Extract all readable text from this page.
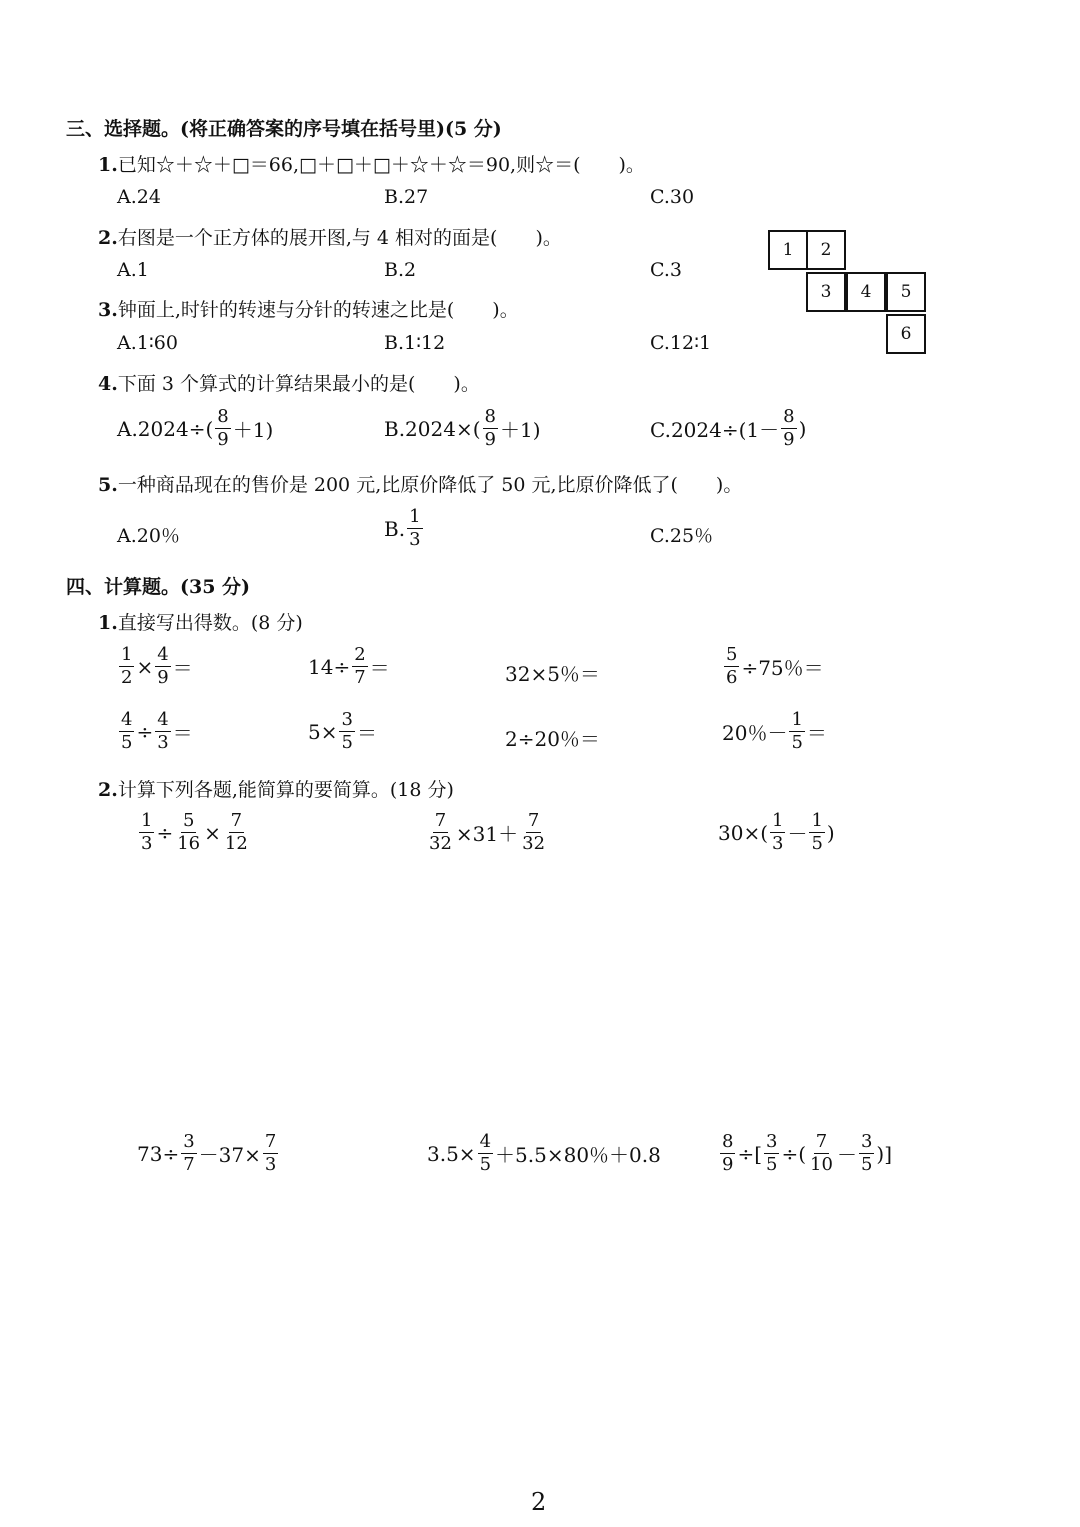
三、选择题。(将正确答案的序号填在括号里)(5 分)
1.已知☆＋☆＋□＝66,□＋□＋□＋☆＋☆＝90,则☆＝(　　)。
A.24	B.27	C.30
2.右图是一个正方体的展开图,与 4 相对的面是(　　)。
A.1	B.2	C.3
1	2
3	4	5
6
3.钟面上,时针的转速与分针的转速之比是(　　)。
A.1∶60	B.1∶12	C.12∶1
4.下面 3 个算式的计算结果最小的是(　　)。
$A.2024\div( \frac{8}{9} +1)$	$B.2024\times( \frac{8}{9} +1)$	$C.2024\div(1- \frac{8}{9}$ )
5.一种商品现在的售价是 200 元,比原价降低了 50 元,比原价降低了(　　)。
A.20％	B. $\frac{1}{3}$	C.25％
四、计算题。(35 分)
1.直接写出得数。(8 分)
$\frac{1}{2} \times \frac{4}{9}$ ＝	$14\div \frac{2}{7}$ ＝	32×5％＝	$\frac{5}{6} \div 75$％＝
$\frac{4}{5} \div \frac{4}{3}$ ＝	$5\times \frac{3}{5}$ ＝	2÷20％＝	20％－ $\frac{1}{5}$ ＝
2.计算下列各题,能简算的要简算。(18 分)
$\frac{1}{3} \div \frac{5}{16} \times \frac{7}{12}$	$\frac{7}{32} \times 31+ \frac{7}{32}$	$30\times( \frac{1}{3} - \frac{1}{5}$ )
$73\div \frac{3}{7} -37\times \frac{7}{3}$	$3.5\times \frac{4}{5} +5.5\times 80$％＋0.8	$\frac{8}{9}$ ÷[ $\frac{3}{5}$ ÷( $\frac{7}{10} - \frac{3}{5}$ )]
2
